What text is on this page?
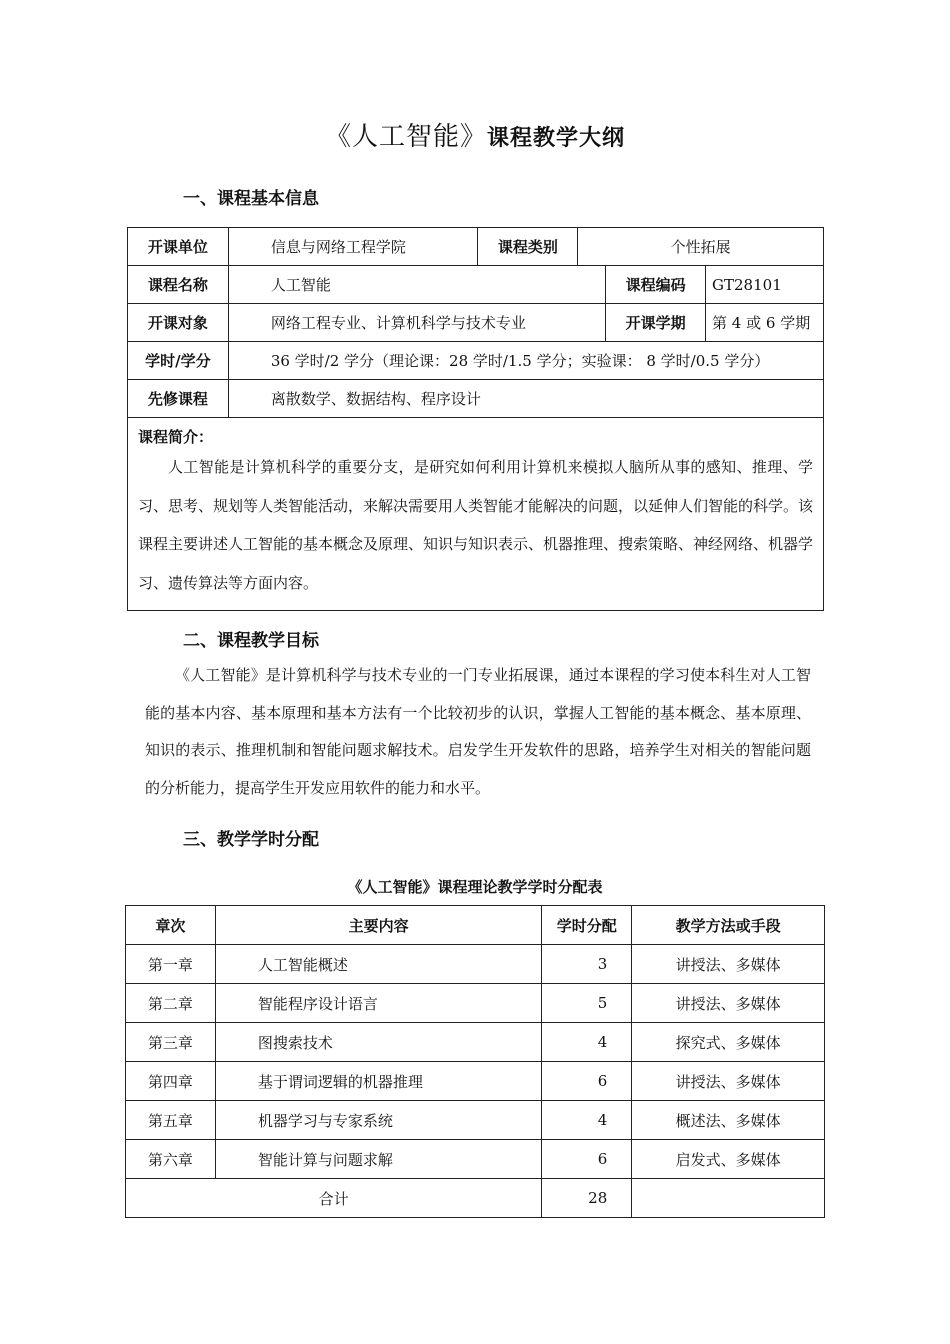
《人工智能》课程教学大纲
一、课程基本信息
开课单位	信息与网络工程学院	课程类别	个性拓展		
课程名称	人工智能			课程编码	GT28101
开课对象	网络工程专业、计算机科学与技术专业			开课学期	第 4 或 6 学期
学时/学分	36 学时/2 学分（理论课：28 学时/1.5 学分；实验课： 8 学时/0.5 学分）				
先修课程	离散数学、数据结构、程序设计				

课程简介：

人工智能是计算机科学的重要分支，是研究如何利用计算机来模拟人脑所从事的感知、推理、学习、思考、规划等人类智能活动，来解决需要用人类智能才能解决的问题，以延伸人们智能的科学。该课程主要讲述人工智能的基本概念及原理、知识与知识表示、机器推理、搜索策略、神经网络、机器学习、遗传算法等方面内容。					

二、课程教学目标

《人工智能》是计算机科学与技术专业的一门专业拓展课，通过本课程的学习使本科生对人工智能的基本内容、基本原理和基本方法有一个比较初步的认识，掌握人工智能的基本概念、基本原理、知识的表示、推理机制和智能问题求解技术。启发学生开发软件的思路，培养学生对相关的智能问题的分析能力，提高学生开发应用软件的能力和水平。

三、教学学时分配
《人工智能》课程理论教学学时分配表
章次	主要内容	学时分配	教学方法或手段
第一章	人工智能概述	3	讲授法、多媒体
第二章	智能程序设计语言	5	讲授法、多媒体
第三章	图搜索技术	4	探究式、多媒体
第四章	基于谓词逻辑的机器推理	6	讲授法、多媒体
第五章	机器学习与专家系统	4	概述法、多媒体
第六章	智能计算与问题求解	6	启发式、多媒体
合计		28	
